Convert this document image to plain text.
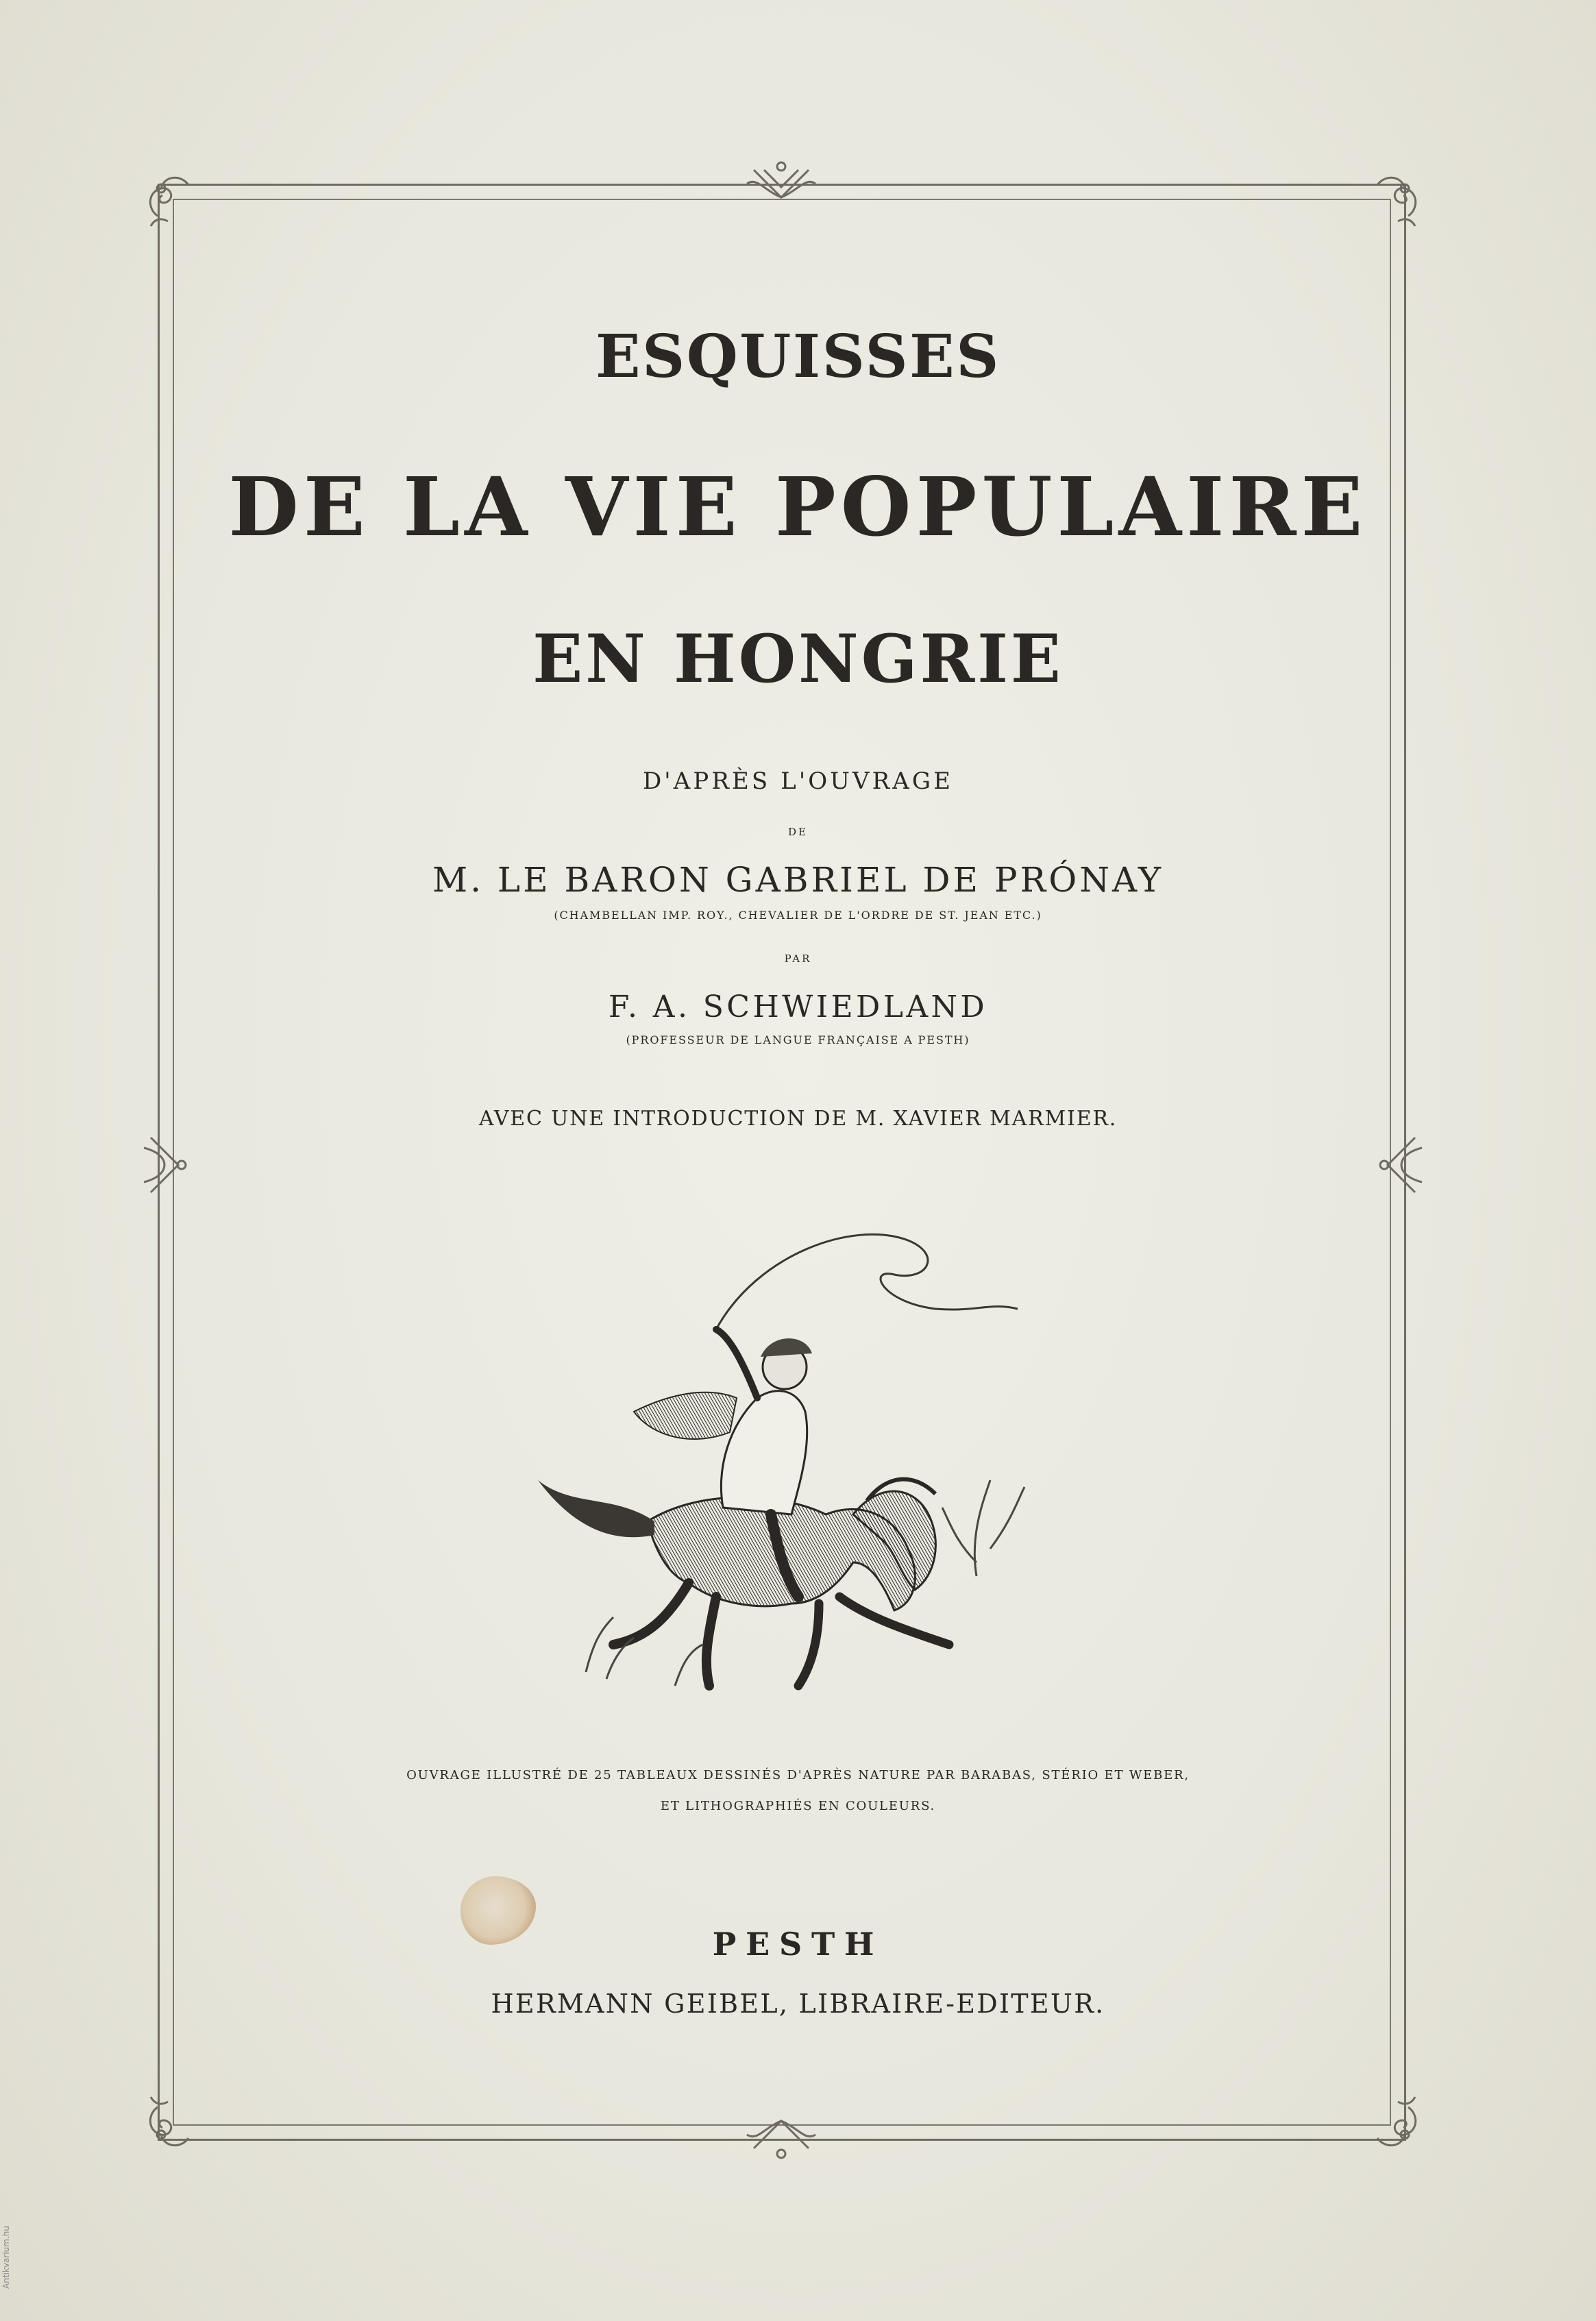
ESQUISSES
DE LA VIE POPULAIRE
EN HONGRIE
D'APRÈS L'OUVRAGE
DE
M. LE BARON GABRIEL DE PRÓNAY
(CHAMBELLAN IMP. ROY., CHEVALIER DE L'ORDRE DE ST. JEAN ETC.)
PAR
F. A. SCHWIEDLAND
(PROFESSEUR DE LANGUE FRANÇAISE A PESTH)
AVEC UNE INTRODUCTION DE M. XAVIER MARMIER.
OUVRAGE ILLUSTRÉ DE 25 TABLEAUX DESSINÉS D'APRÈS NATURE PAR BARABAS, STÉRIO ET WEBER,
ET LITHOGRAPHIÉS EN COULEURS.
PESTH
HERMANN GEIBEL, LIBRAIRE-EDITEUR.
Antikvarium.hu
